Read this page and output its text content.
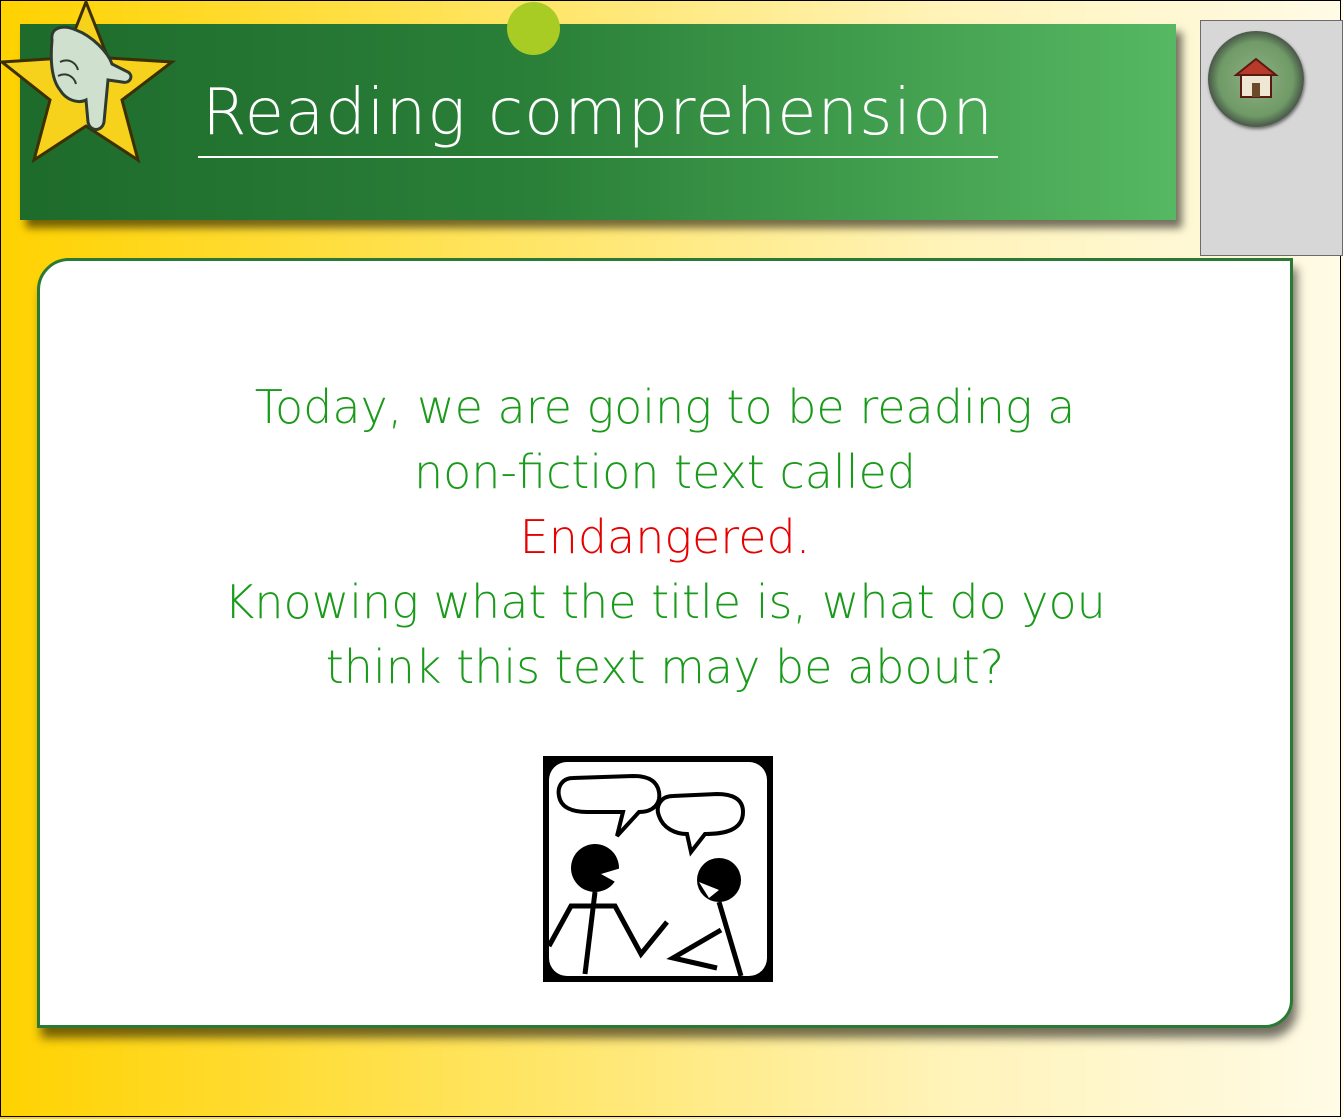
Reading comprehension
Today, we are going to be reading a
non-fiction text called
Endangered.
Knowing what the title is, what do you
think this text may be about?
